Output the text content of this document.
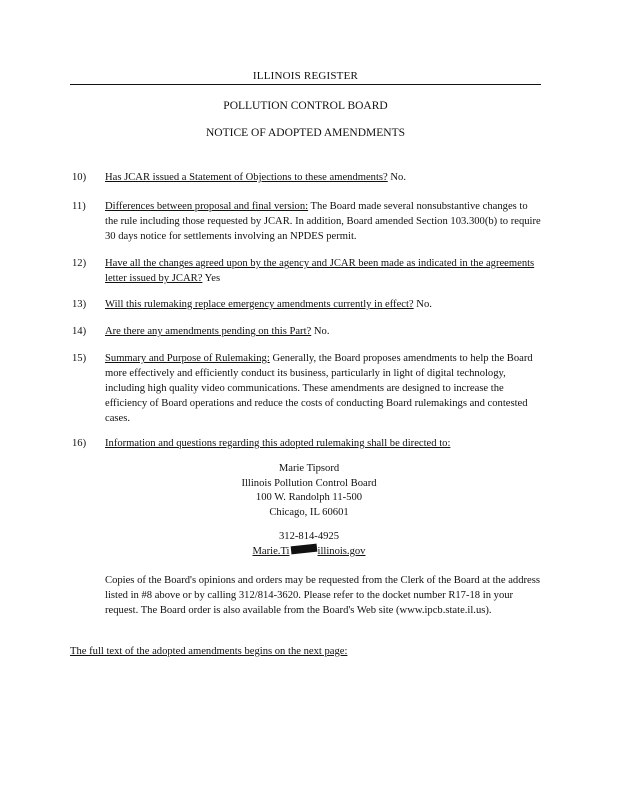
ILLINOIS REGISTER
POLLUTION CONTROL BOARD
NOTICE OF ADOPTED AMENDMENTS
10)	Has JCAR issued a Statement of Objections to these amendments? No.
11)	Differences between proposal and final version: The Board made several nonsubstantive changes to the rule including those requested by JCAR. In addition, Board amended Section 103.300(b) to require 30 days notice for settlements involving an NPDES permit.
12)	Have all the changes agreed upon by the agency and JCAR been made as indicated in the agreements letter issued by JCAR? Yes
13)	Will this rulemaking replace emergency amendments currently in effect? No.
14)	Are there any amendments pending on this Part? No.
15)	Summary and Purpose of Rulemaking: Generally, the Board proposes amendments to help the Board more effectively and efficiently conduct its business, particularly in light of digital technology, including high quality video communications. These amendments are designed to increase the efficiency of Board operations and reduce the costs of conducting Board rulemakings and contested cases.
16)	Information and questions regarding this adopted rulemaking shall be directed to:
Marie Tipsord
Illinois Pollution Control Board
100 W. Randolph 11-500
Chicago, IL 60601
312-814-4925
Marie.Ti	illinois.gov
Copies of the Board's opinions and orders may be requested from the Clerk of the Board at the address listed in #8 above or by calling 312/814-3620. Please refer to the docket number R17-18 in your request. The Board order is also available from the Board's Web site (www.ipcb.state.il.us).
The full text of the adopted amendments begins on the next page:
